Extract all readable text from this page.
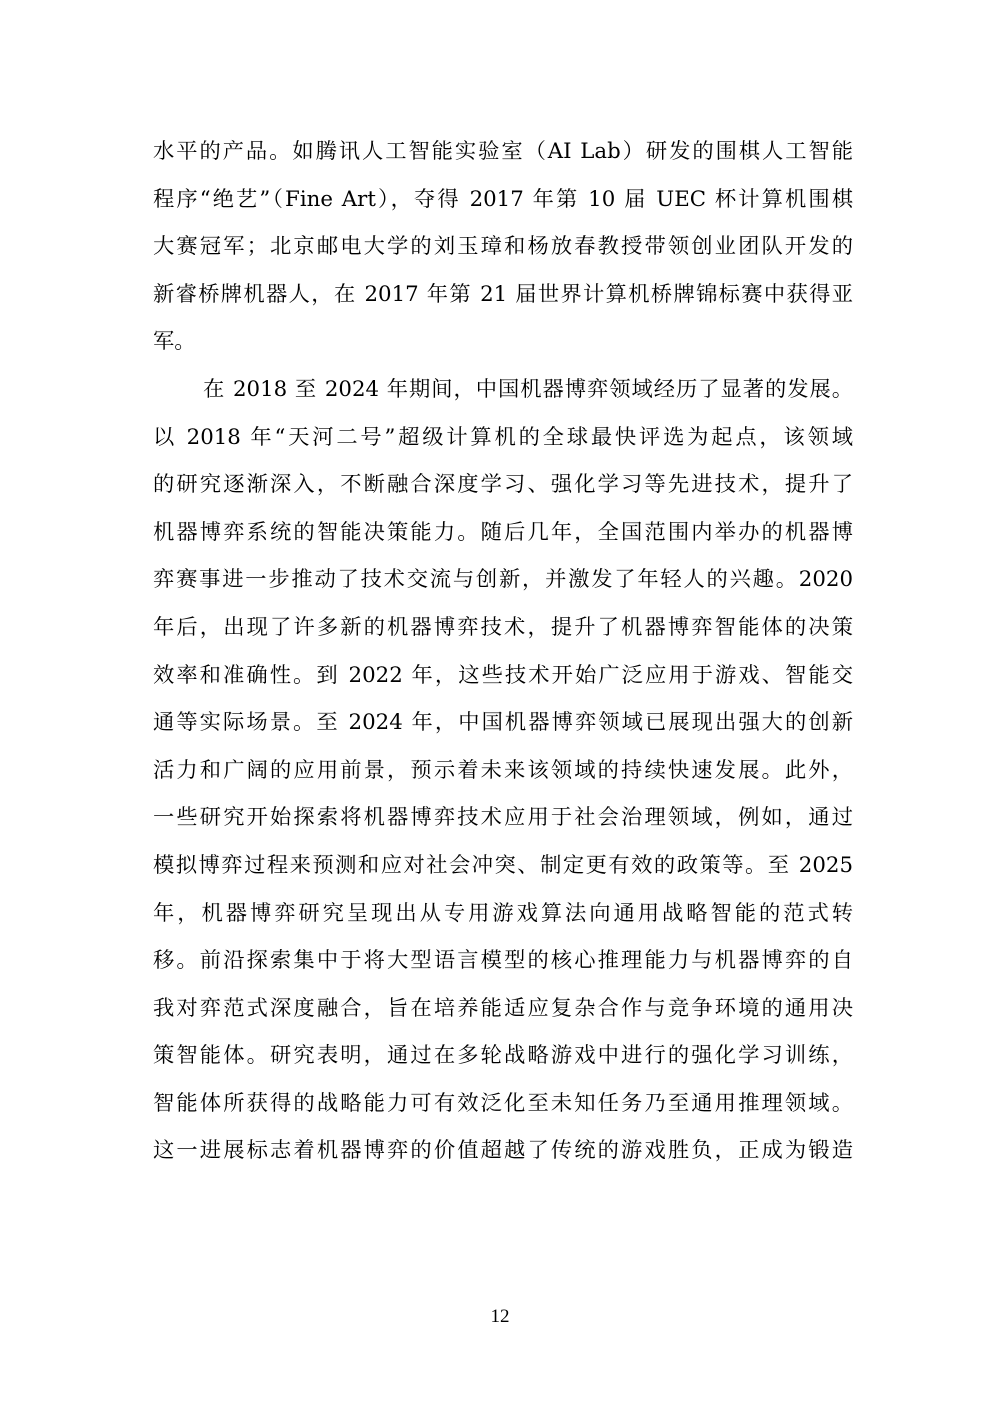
水平的产品。如腾讯人工智能实验室（AI Lab）研发的围棋人工智能
程序“绝艺”（Fine Art），夺得 2017 年第 10 届 UEC 杯计算机围棋
大赛冠军；北京邮电大学的刘玉璋和杨放春教授带领创业团队开发的
新睿桥牌机器人，在 2017 年第 21 届世界计算机桥牌锦标赛中获得亚
军。
在 2018 至 2024 年期间，中国机器博弈领域经历了显著的发展。
以 2018 年“天河二号”超级计算机的全球最快评选为起点，该领域
的研究逐渐深入，不断融合深度学习、强化学习等先进技术，提升了
机器博弈系统的智能决策能力。随后几年，全国范围内举办的机器博
弈赛事进一步推动了技术交流与创新，并激发了年轻人的兴趣。2020
年后，出现了许多新的机器博弈技术，提升了机器博弈智能体的决策
效率和准确性。到 2022 年，这些技术开始广泛应用于游戏、智能交
通等实际场景。至 2024 年，中国机器博弈领域已展现出强大的创新
活力和广阔的应用前景，预示着未来该领域的持续快速发展。此外，
一些研究开始探索将机器博弈技术应用于社会治理领域，例如，通过
模拟博弈过程来预测和应对社会冲突、制定更有效的政策等。至 2025
年，机器博弈研究呈现出从专用游戏算法向通用战略智能的范式转
移。前沿探索集中于将大型语言模型的核心推理能力与机器博弈的自
我对弈范式深度融合，旨在培养能适应复杂合作与竞争环境的通用决
策智能体。研究表明，通过在多轮战略游戏中进行的强化学习训练，
智能体所获得的战略能力可有效泛化至未知任务乃至通用推理领域。
这一进展标志着机器博弈的价值超越了传统的游戏胜负，正成为锻造
12
